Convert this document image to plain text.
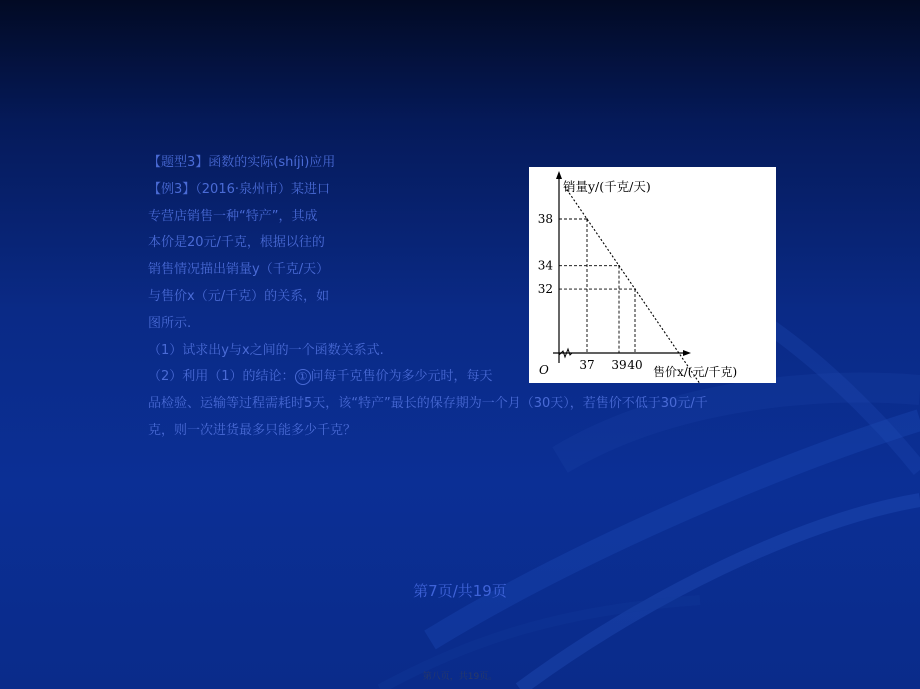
【题型3】函数的实际(shíjì)应用
【例3】（2016·泉州市）某进口
专营店销售一种“特产”，其成
本价是20元/千克，根据以往的
销售情况描出销量y（千克/天）
与售价x（元/千克）的关系，如
图所示.
（1）试求出y与x之间的一个函数关系式.
（2）利用（1）的结论： ① 问每千克售价为多少元时，每天
品检验、运输等过程需耗时5天，该“特产”最长的保存期为一个月（30天），若售价不低于30元/千
克，则一次进货最多只能多少千克？
37 39 40
38
34
32
销量y/(千克/天)
售价x/(元/千克)
O
第7页/共19页
第八页，共19页。
